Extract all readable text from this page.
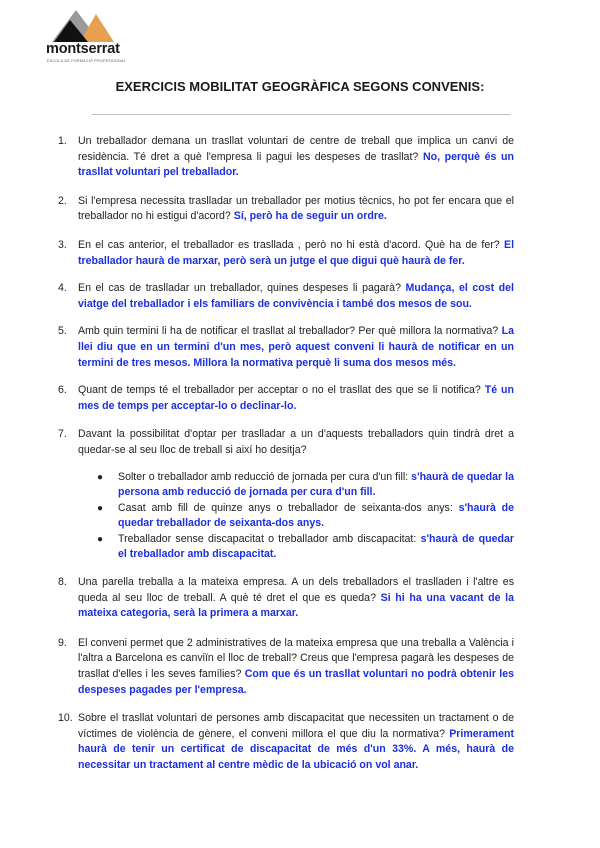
montserrat
ESCOLA DE FORMACIÓ PROFESSIONAL
EXERCICIS MOBILITAT GEOGRÀFICA SEGONS CONVENIS:
1. Un treballador demana un trasllat voluntari de centre de treball que implica un canvi de residència. Té dret a què l'empresa li pagui les despeses de trasllat? No, perquè és un trasllat voluntari pel treballador.
2. Si l'empresa necessita traslladar un treballador per motius tècnics, ho pot fer encara que el treballador no hi estigui d'acord? Sí, però ha de seguir un ordre.
3. En el cas anterior, el treballador es trasllada , però no hi està d'acord. Què ha de fer? El treballador haurà de marxar, però serà un jutge el que digui què haurà de fer.
4. En el cas de traslladar un treballador, quines despeses li pagarà? Mudança, el cost del viatge del treballador i els familiars de convivència i també dos mesos de sou.
5. Amb quin termini li ha de notificar el trasllat al treballador? Per què millora la normativa? La llei diu que en un termini d'un mes, però aquest conveni li haurà de notificar en un termini de tres mesos. Millora la normativa perquè li suma dos mesos més.
6. Quant de temps té el treballador per acceptar o no el trasllat des que se li notifica? Té un mes de temps per acceptar-lo o declinar-lo.
7. Davant la possibilitat d'optar per traslladar a un d'aquests treballadors quin tindrà dret a quedar-se al seu lloc de treball si així ho desitja?
● Solter o treballador amb reducció de jornada per cura d'un fill: s'haurà de quedar la persona amb reducció de jornada per cura d'un fill.
● Casat amb fill de quinze anys o treballador de seixanta-dos anys: s'haurà de quedar treballador de seixanta-dos anys.
● Treballador sense discapacitat o treballador amb discapacitat: s'haurà de quedar el treballador amb discapacitat.
8. Una parella treballa a la mateixa empresa. A un dels treballadors el traslladen i l'altre es queda al seu lloc de treball. A què té dret el que es queda? Si hi ha una vacant de la mateixa categoria, serà la primera a marxar.
9. El conveni permet que 2 administratives de la mateixa empresa que una treballa a València i l'altra a Barcelona es canviïn el lloc de treball? Creus que l'empresa pagarà les despeses de trasllat d'elles i les seves famílies? Com que és un trasllat voluntari no podrà obtenir les despeses pagades per l'empresa.
10. Sobre el trasllat voluntari de persones amb discapacitat que necessiten un tractament o de víctimes de violència de gènere, el conveni millora el que diu la normativa? Primerament haurà de tenir un certificat de discapacitat de més d'un 33%. A més, haurà de necessitar un tractament al centre mèdic de la ubicació on vol anar.
